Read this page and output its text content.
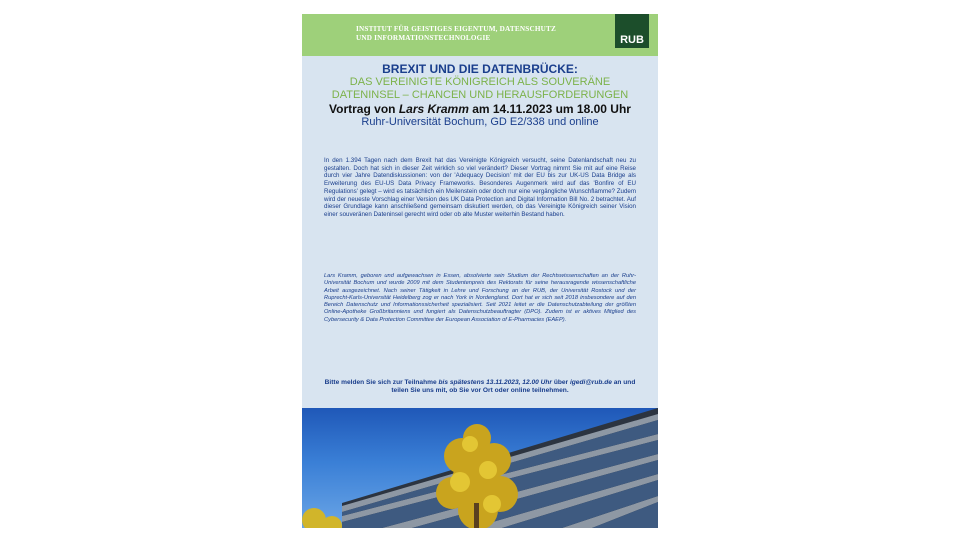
INSTITUT FÜR GEISTIGES EIGENTUM, DATENSCHUTZ
UND INFORMATIONSTECHNOLOGIE	RUB
BREXIT UND DIE DATENBRÜCKE:
DAS VEREINIGTE KÖNIGREICH ALS SOUVERÄNE
DATENINSEL – CHANCEN UND HERAUSFORDERUNGEN
Vortrag von Lars Kramm am 14.11.2023 um 18.00 Uhr
Ruhr-Universität Bochum, GD E2/338 und online
In den 1.394 Tagen nach dem Brexit hat das Vereinigte Königreich versucht, seine Datenlandschaft neu zu gestalten. Doch hat sich in dieser Zeit wirklich so viel verändert? Dieser Vortrag nimmt Sie mit auf eine Reise durch vier Jahre Datendiskussionen: von der 'Adequacy Decision' mit der EU bis zur UK-US Data Bridge als Erweiterung des EU-US Data Privacy Frameworks. Besonderes Augenmerk wird auf das 'Bonfire of EU Regulations' gelegt – wird es tatsächlich ein Meilenstein oder doch nur eine vergängliche Wunschflamme? Zudem wird der neueste Vorschlag einer Version des UK Data Protection and Digital Information Bill No. 2 betrachtet. Auf dieser Grundlage kann anschließend gemeinsam diskutiert werden, ob das Vereinigte Königreich seiner Vision einer souveränen Dateninsel gerecht wird oder ob alte Muster weiterhin Bestand haben.
Lars Kramm, geboren und aufgewachsen in Essen, absolvierte sein Studium der Rechtswissenschaften an der Ruhr-Universität Bochum und wurde 2009 mit dem Studentenpreis des Rektorats für seine herausragende wissenschaftliche Arbeit ausgezeichnet. Nach seiner Tätigkeit in Lehre und Forschung an der RUB, der Universität Rostock und der Ruprecht-Karls-Universität Heidelberg zog er nach York in Nordengland. Dort hat er sich seit 2018 insbesondere auf den Bereich Datenschutz und Informationssicherheit spezialisiert. Seit 2021 leitet er die Datenschutzabteilung der größten Online-Apotheke Großbritanniens und fungiert als Datenschutzbeauftragter (DPO). Zudem ist er aktives Mitglied des Cybersecurity & Data Protection Committee der European Association of E-Pharmacies (EAEP).
Bitte melden Sie sich zur Teilnahme bis spätestens 13.11.2023, 12.00 Uhr über igedi@rub.de an und teilen Sie uns mit, ob Sie vor Ort oder online teilnehmen.
